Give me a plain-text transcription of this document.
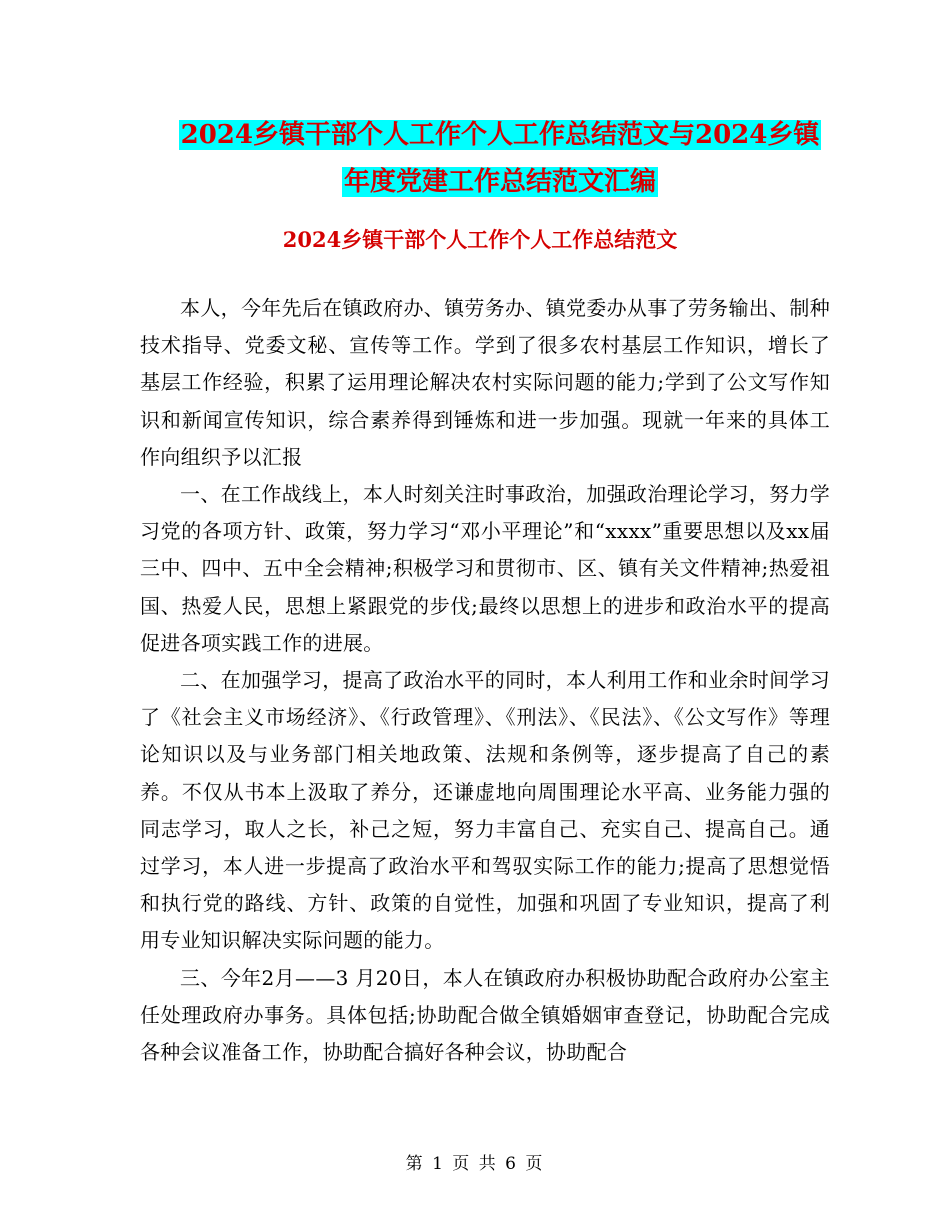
2024乡镇干部个人工作个人工作总结范文与2024乡镇
年度党建工作总结范文汇编
2024乡镇干部个人工作个人工作总结范文

本人，今年先后在镇政府办、镇劳务办、镇党委办从事了劳务输出、制种技术指导、党委文秘、宣传等工作。学到了很多农村基层工作知识，增长了基层工作经验，积累了运用理论解决农村实际问题的能力;学到了公文写作知识和新闻宣传知识，综合素养得到锤炼和进一步加强。现就一年来的具体工作向组织予以汇报

一、在工作战线上，本人时刻关注时事政治，加强政治理论学习，努力学习党的各项方针、政策，努力学习“邓小平理论”和“xxxx”重要思想以及xx届三中、四中、五中全会精神;积极学习和贯彻市、区、镇有关文件精神;热爱祖国、热爱人民，思想上紧跟党的步伐;最终以思想上的进步和政治水平的提高促进各项实践工作的进展。

二、在加强学习，提高了政治水平的同时，本人利用工作和业余时间学习了《社会主义市场经济》、《行政管理》、《刑法》、《民法》、《公文写作》等理论知识以及与业务部门相关地政策、法规和条例等，逐步提高了自己的素养。不仅从书本上汲取了养分，还谦虚地向周围理论水平高、业务能力强的同志学习，取人之长，补己之短，努力丰富自己、充实自己、提高自己。通过学习，本人进一步提高了政治水平和驾驭实际工作的能力;提高了思想觉悟和执行党的路线、方针、政策的自觉性，加强和巩固了专业知识，提高了利用专业知识解决实际问题的能力。

三、今年2月——3 月20日，本人在镇政府办积极协助配合政府办公室主任处理政府办事务。具体包括;协助配合做全镇婚姻审查登记，协助配合完成各种会议准备工作，协助配合搞好各种会议，协助配合

第 1 页 共 6 页
